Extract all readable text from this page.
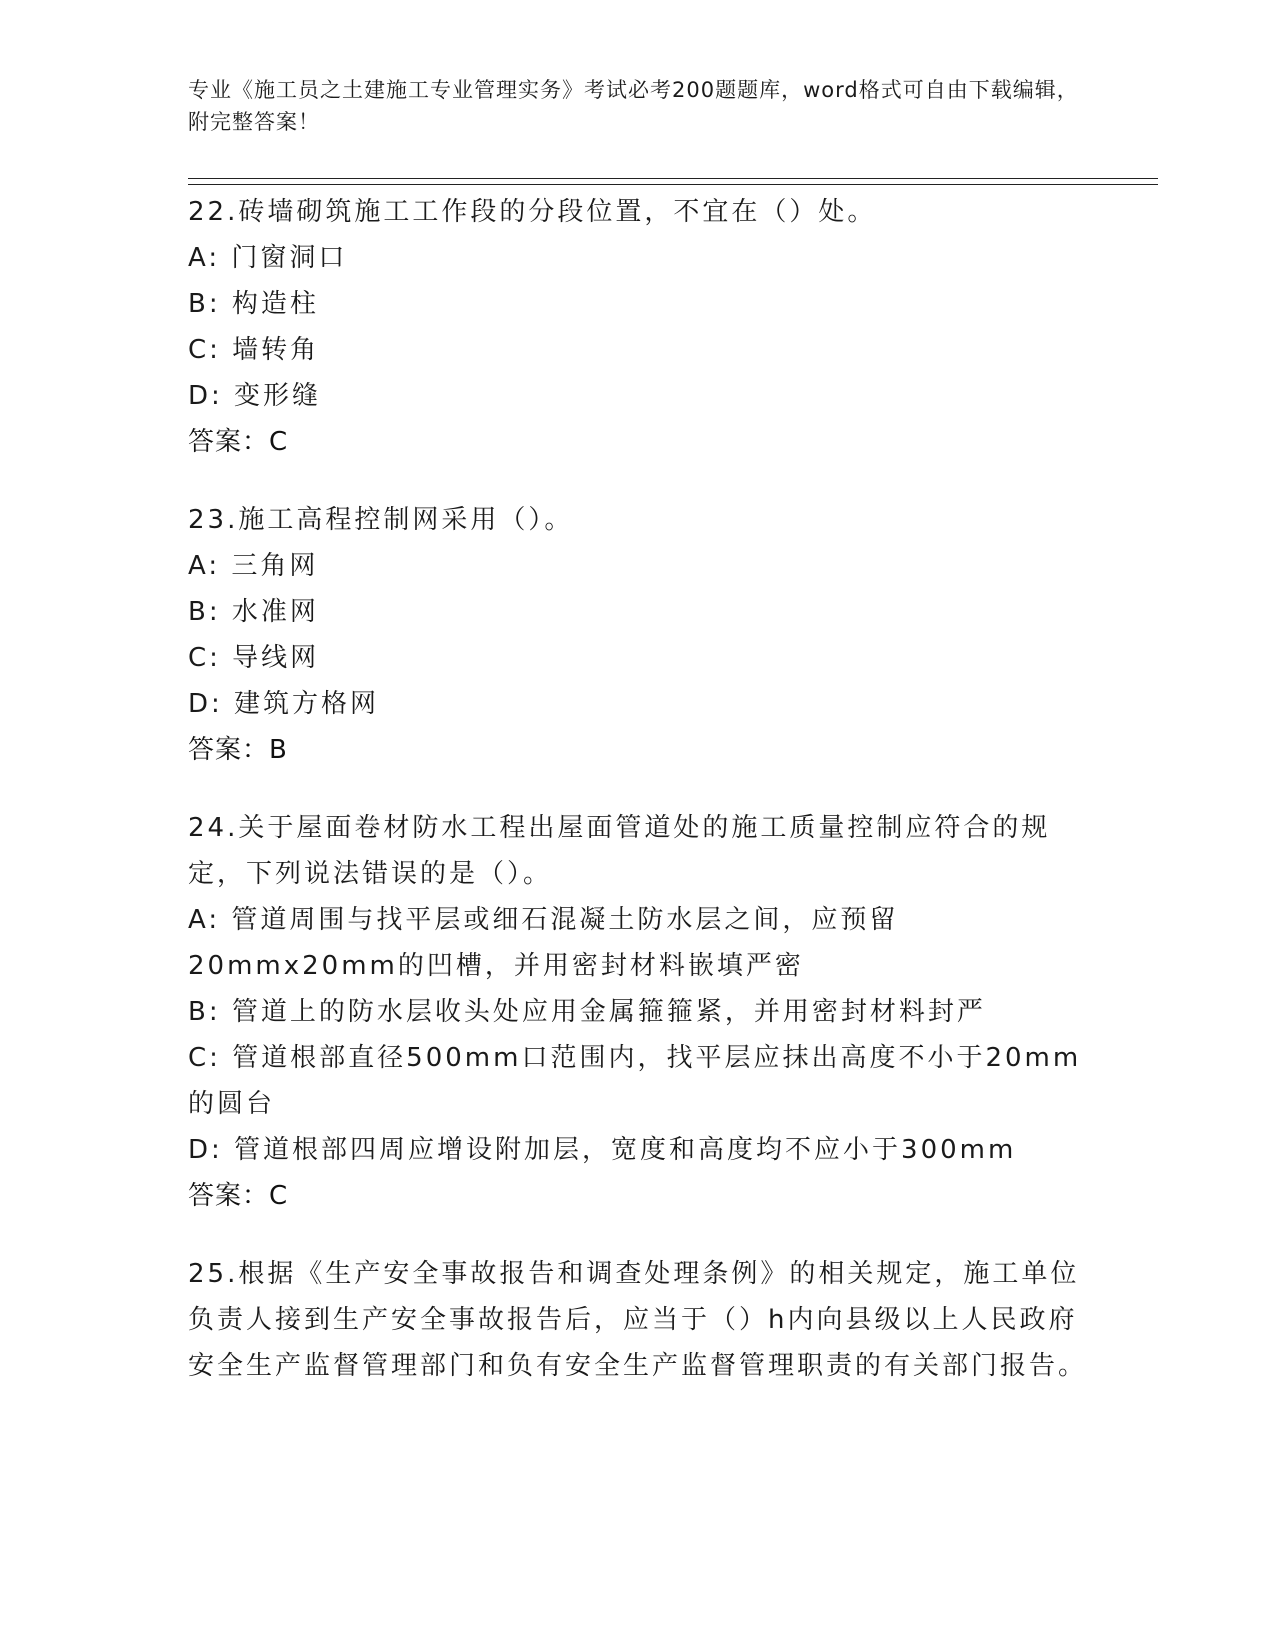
专业《施工员之土建施工专业管理实务》考试必考200题题库，word格式可自由下载编辑，附完整答案！
22.砖墙砌筑施工工作段的分段位置，不宜在（）处。
A: 门窗洞口
B: 构造柱
C: 墙转角
D: 变形缝
答案：C
23.施工高程控制网采用（）。
A: 三角网
B: 水准网
C: 导线网
D: 建筑方格网
答案：B
24.关于屋面卷材防水工程出屋面管道处的施工质量控制应符合的规定，下列说法错误的是（）。
A: 管道周围与找平层或细石混凝土防水层之间，应预留20mmx20mm的凹槽，并用密封材料嵌填严密
B: 管道上的防水层收头处应用金属箍箍紧，并用密封材料封严
C: 管道根部直径500mm口范围内，找平层应抹出高度不小于20mm的圆台
D: 管道根部四周应增设附加层，宽度和高度均不应小于300mm
答案：C
25.根据《生产安全事故报告和调查处理条例》的相关规定，施工单位负责人接到生产安全事故报告后，应当于（）h内向县级以上人民政府安全生产监督管理部门和负有安全生产监督管理职责的有关部门报告。
